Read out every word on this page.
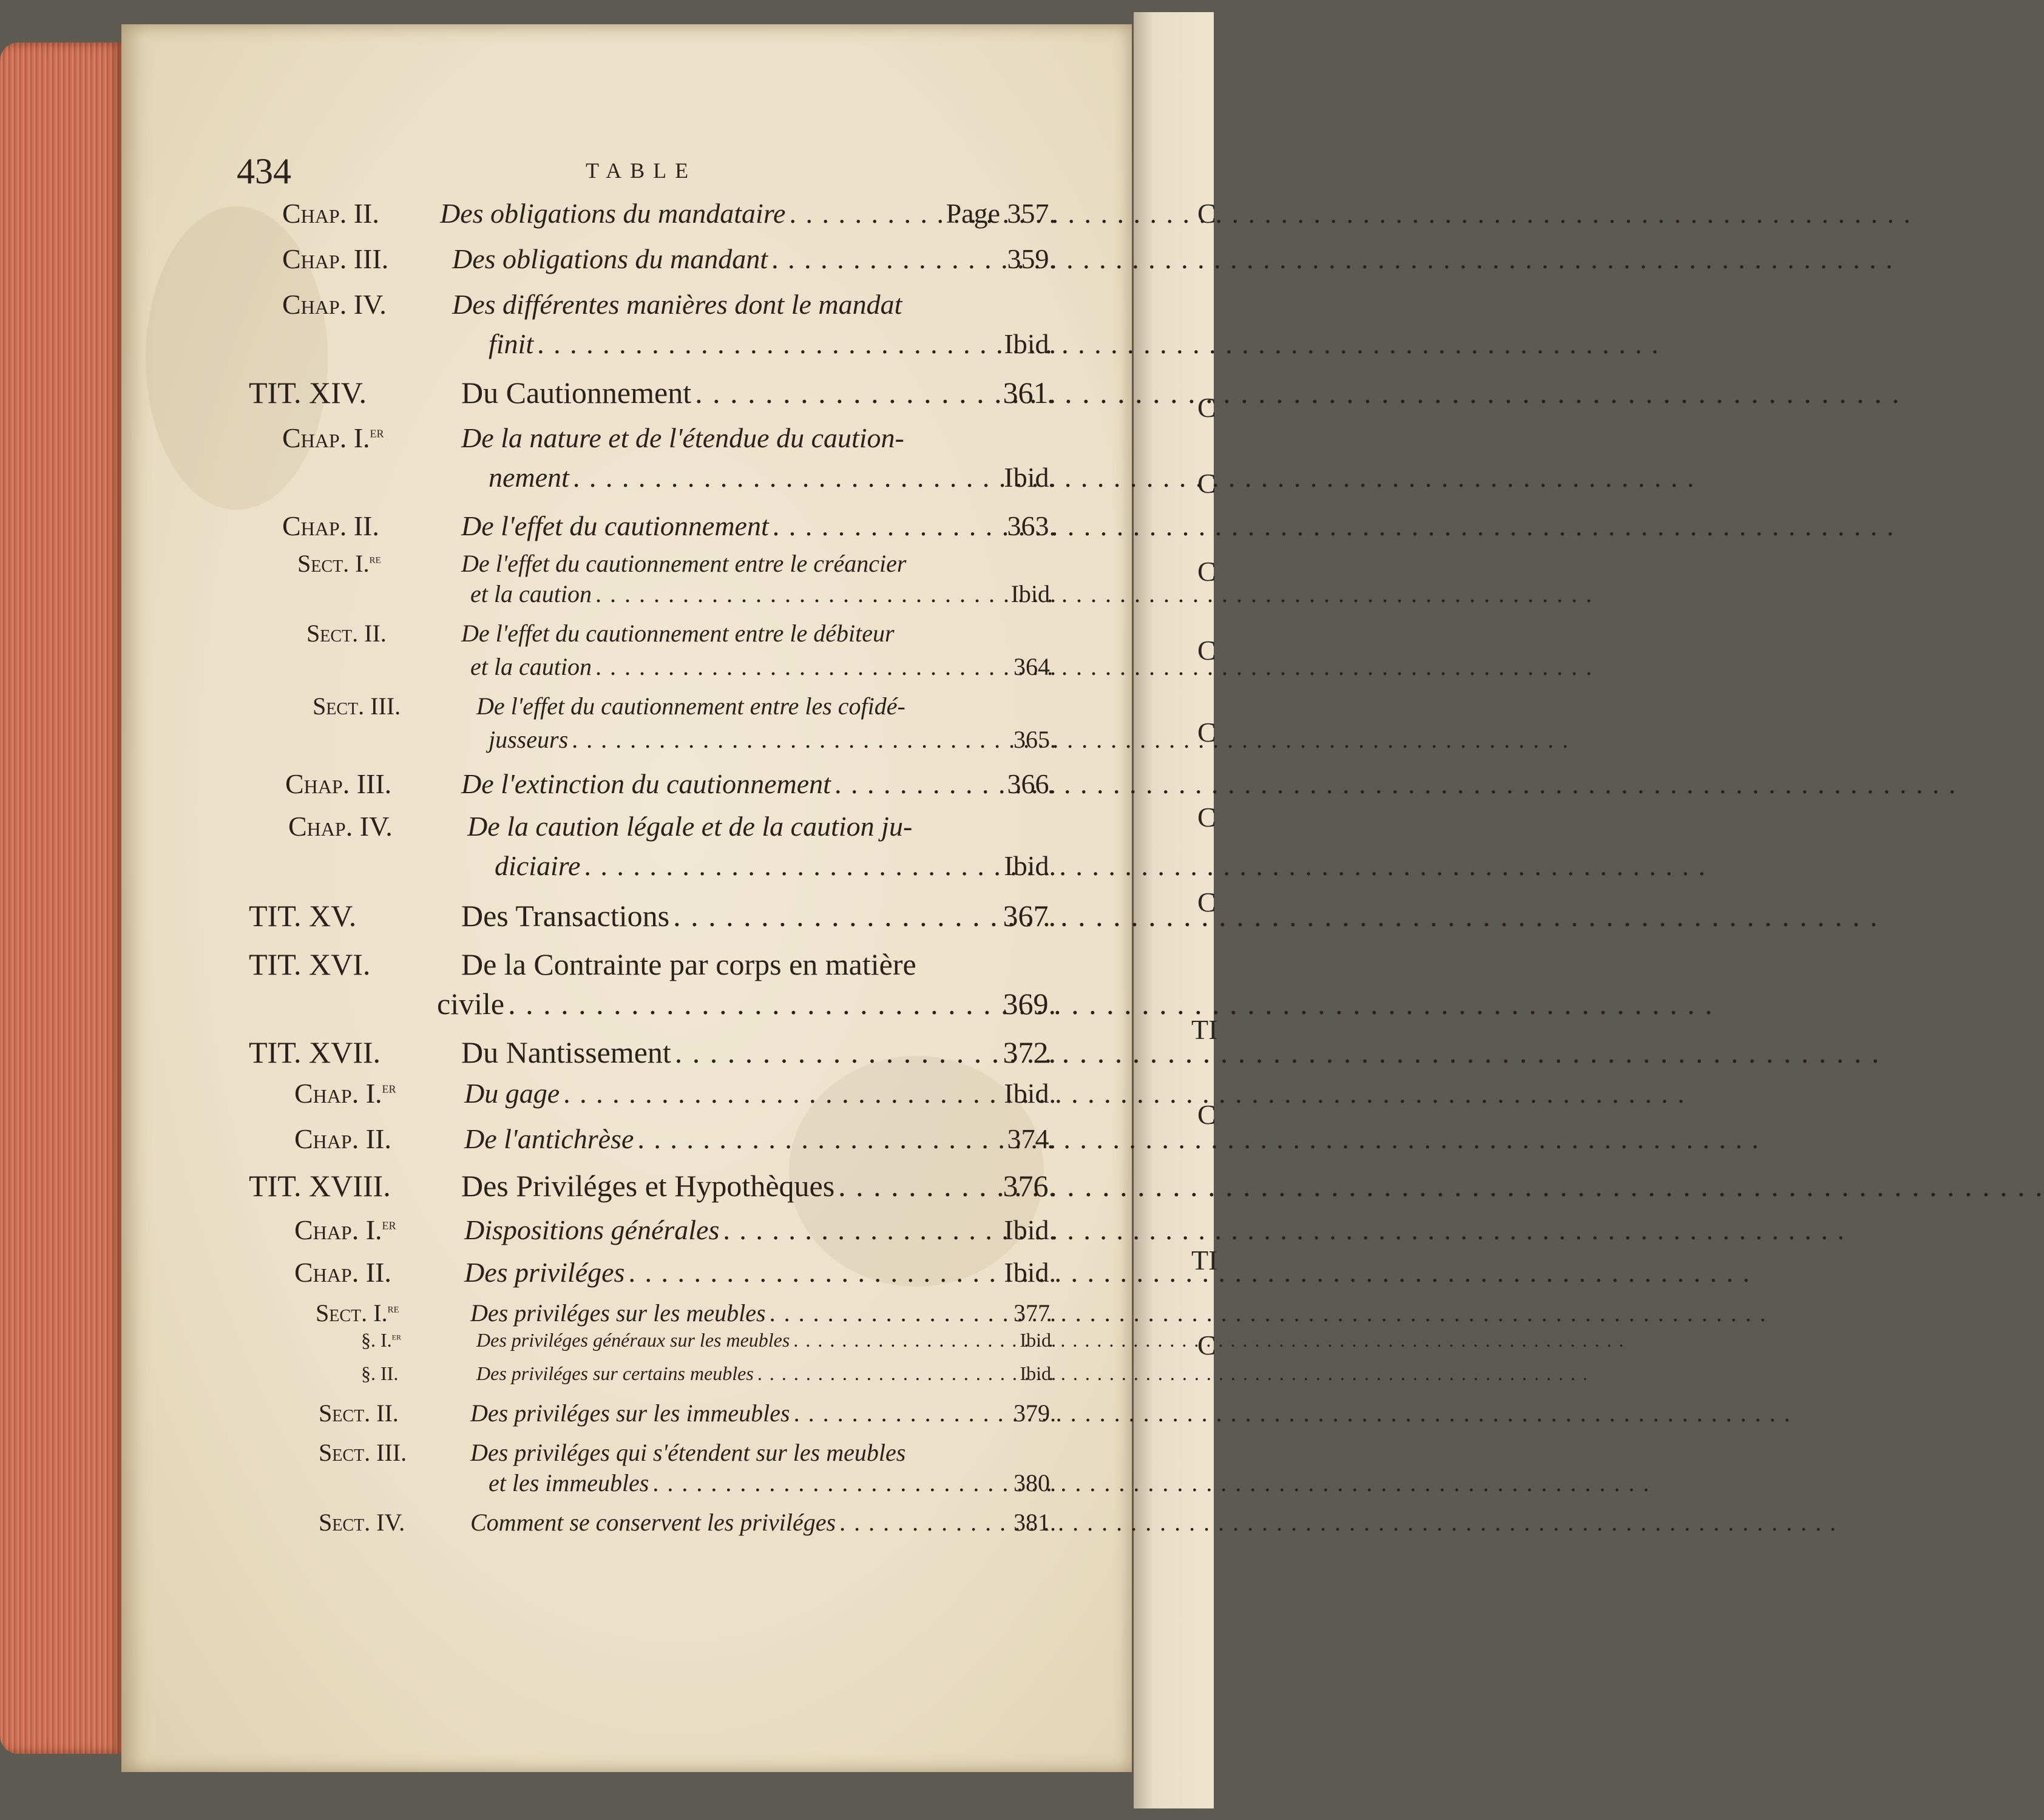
C
C
C
C
C
C
C
C
TI
C
TI
C
434	TABLE
Chap. II. Des obligations du mandataire . . .	Page 357.
Chap. III. Des obligations du mandant . . .	359.
Chap. IV. Des différentes manières dont le mandat
finit . . .	Ibid.
TIT. XIV.	Du Cautionnement . . .	361.
Chap. I.$^{er}$	De la nature et de l'étendue du caution-
nement . . .	Ibid.
Chap. II.	De l'effet du cautionnement . . .	363.
Sect. I.$^{re}$	De l'effet du cautionnement entre le créancier
et la caution . . .	Ibid.
Sect. II.	De l'effet du cautionnement entre le débiteur
et la caution . . .	364.
Sect. III.	De l'effet du cautionnement entre les cofidé-
jusseurs . . .	365.
Chap. III. De l'extinction du cautionnement . . .	366.
Chap. IV.	De la caution légale et de la caution ju-
diciaire . . .	Ibid.
TIT. XV.	Des Transactions . . .	367.
TIT. XVI.	De la Contrainte par corps en matière
civile . . .	369.
TIT. XVII.	Du Nantissement . . .	372.
Chap. I.$^{er}$ Du gage . . .	Ibid.
Chap. II.	De l'antichrèse . . .	374.
TIT. XVIII. Des Priviléges et Hypothèques . . .	376.
Chap. I.$^{er}$ Dispositions générales . . .	Ibid.
Chap. II.	Des priviléges . . .	Ibid.
Sect. I.$^{re}$	Des priviléges sur les meubles . . .	377.
§. I.$^{er}$	Des priviléges généraux sur les meubles . . .	Ibid.
§. II.	Des priviléges sur certains meubles . . .	Ibid.
Sect. II.	Des priviléges sur les immeubles . . .	379.
Sect. III.	Des priviléges qui s'étendent sur les meubles
et les immeubles . . .	380.
Sect. IV.	Comment se conservent les priviléges . . .	381.
